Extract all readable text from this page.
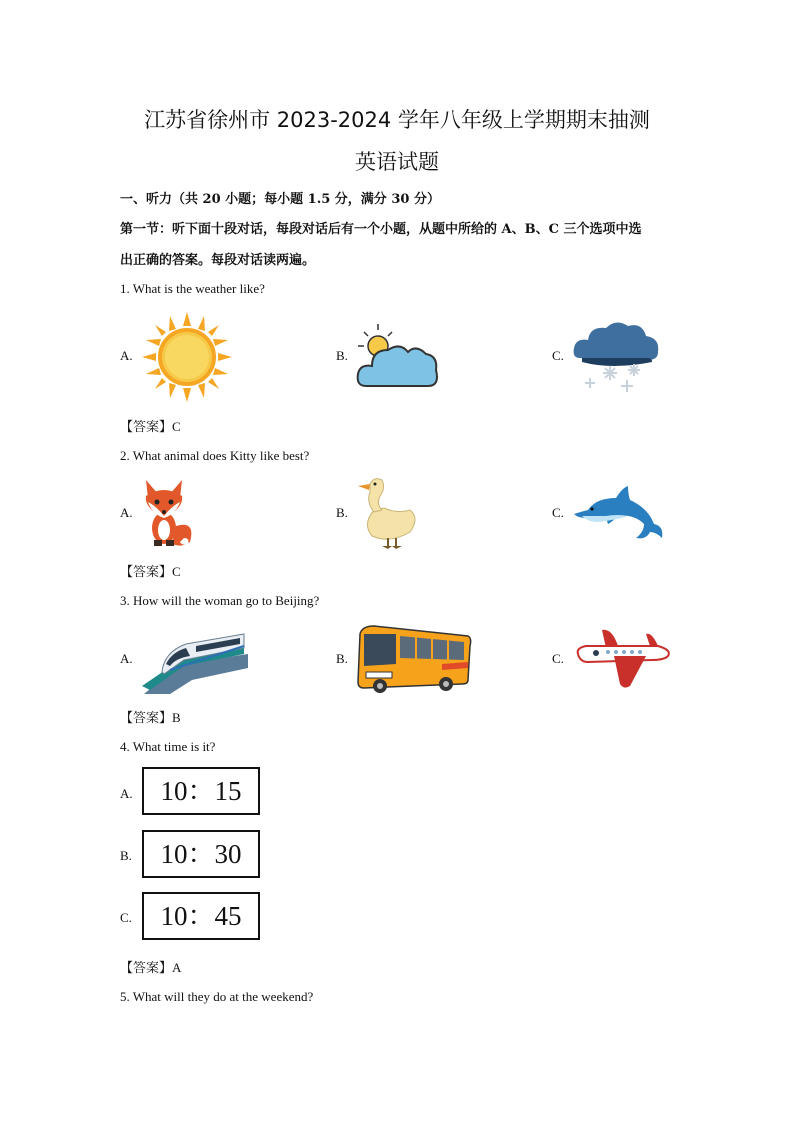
江苏省徐州市 2023-2024 学年八年级上学期期末抽测
英语试题
一、听力（共 20 小题；每小题 1.5 分，满分 30 分）
第一节：听下面十段对话，每段对话后有一个小题，从题中所给的 A、B、C 三个选项中选
出正确的答案。每段对话读两遍。
1. What is the weather like?
A.	B.	C.
【答案】C
2. What animal does Kitty like best?
A.	B.	C.
【答案】C
3. How will the woman go to Beijing?
A.	B.	C.
【答案】B
4. What time is it?
A.	10：15
B.	10：30
C.	10：45
【答案】A
5. What will they do at the weekend?
